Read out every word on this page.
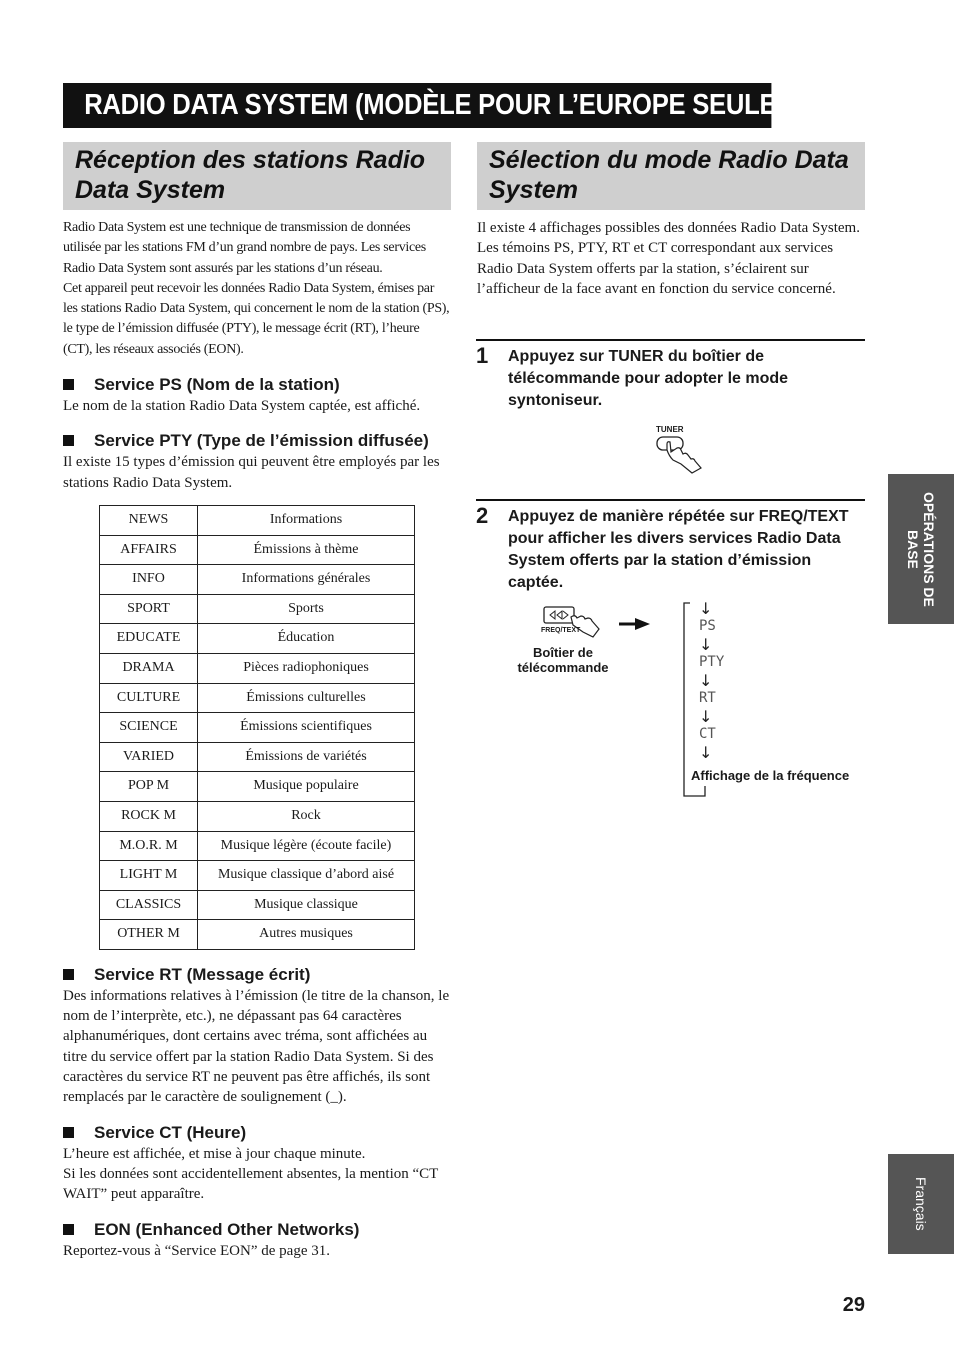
RADIO DATA SYSTEM (MODÈLE POUR L’EUROPE SEULEMENT)
Réception des stations Radio Data System
Sélection du mode Radio Data System

Radio Data System est une technique de transmission de données utilisée par les stations FM d’un grand nombre de pays. Les services Radio Data System sont assurés par les stations d’un réseau.

Cet appareil peut recevoir les données Radio Data System, émises par les stations Radio Data System, qui concernent le nom de la station (PS), le type de l’émission diffusée (PTY), le message écrit (RT), l’heure (CT), les réseaux associés (EON).

Service PS (Nom de la station)

Le nom de la station Radio Data System captée, est affiché.

Service PTY (Type de l’émission diffusée)

Il existe 15 types d’émission qui peuvent être employés par les stations Radio Data System.

NEWS	Informations
AFFAIRS	Émissions à thème
INFO	Informations générales
SPORT	Sports
EDUCATE	Éducation
DRAMA	Pièces radiophoniques
CULTURE	Émissions culturelles
SCIENCE	Émissions scientifiques
VARIED	Émissions de variétés
POP M	Musique populaire
ROCK M	Rock
M.O.R. M	Musique légère (écoute facile)
LIGHT M	Musique classique d’abord aisé
CLASSICS	Musique classique
OTHER M	Autres musiques
Service RT (Message écrit)

Des informations relatives à l’émission (le titre de la chanson, le nom de l’interprète, etc.), ne dépassant pas 64 caractères alphanumériques, dont certains avec tréma, sont affichées au titre du service offert par la station Radio Data System. Si des caractères du service RT ne peuvent pas être affichés, ils sont remplacés par le caractère de soulignement (_).

Service CT (Heure)

L’heure est affichée, et mise à jour chaque minute.

Si les données sont accidentellement absentes, la mention “CT WAIT” peut apparaître.

EON (Enhanced Other Networks)

Reportez-vous à “Service EON” de page 31.

Il existe 4 affichages possibles des données Radio Data System. Les témoins PS, PTY, RT et CT correspondant aux services Radio Data System offerts par la station, s’éclairent sur l’afficheur de la face avant en fonction du service concerné.

1 Appuyez sur TUNER du boîtier de télécommande pour adopter le mode syntoniseur.
TUNER
2 Appuyez de manière répétée sur FREQ/TEXT pour afficher les divers services Radio Data System offerts par la station d’émission captée.
FREQ/TEXT
Boîtier de télécommande
↓
PS
↓
PTY
↓
RT
↓
CT
↓
Affichage de la fréquence
OPÉRATIONS DE BASE
Français
29
